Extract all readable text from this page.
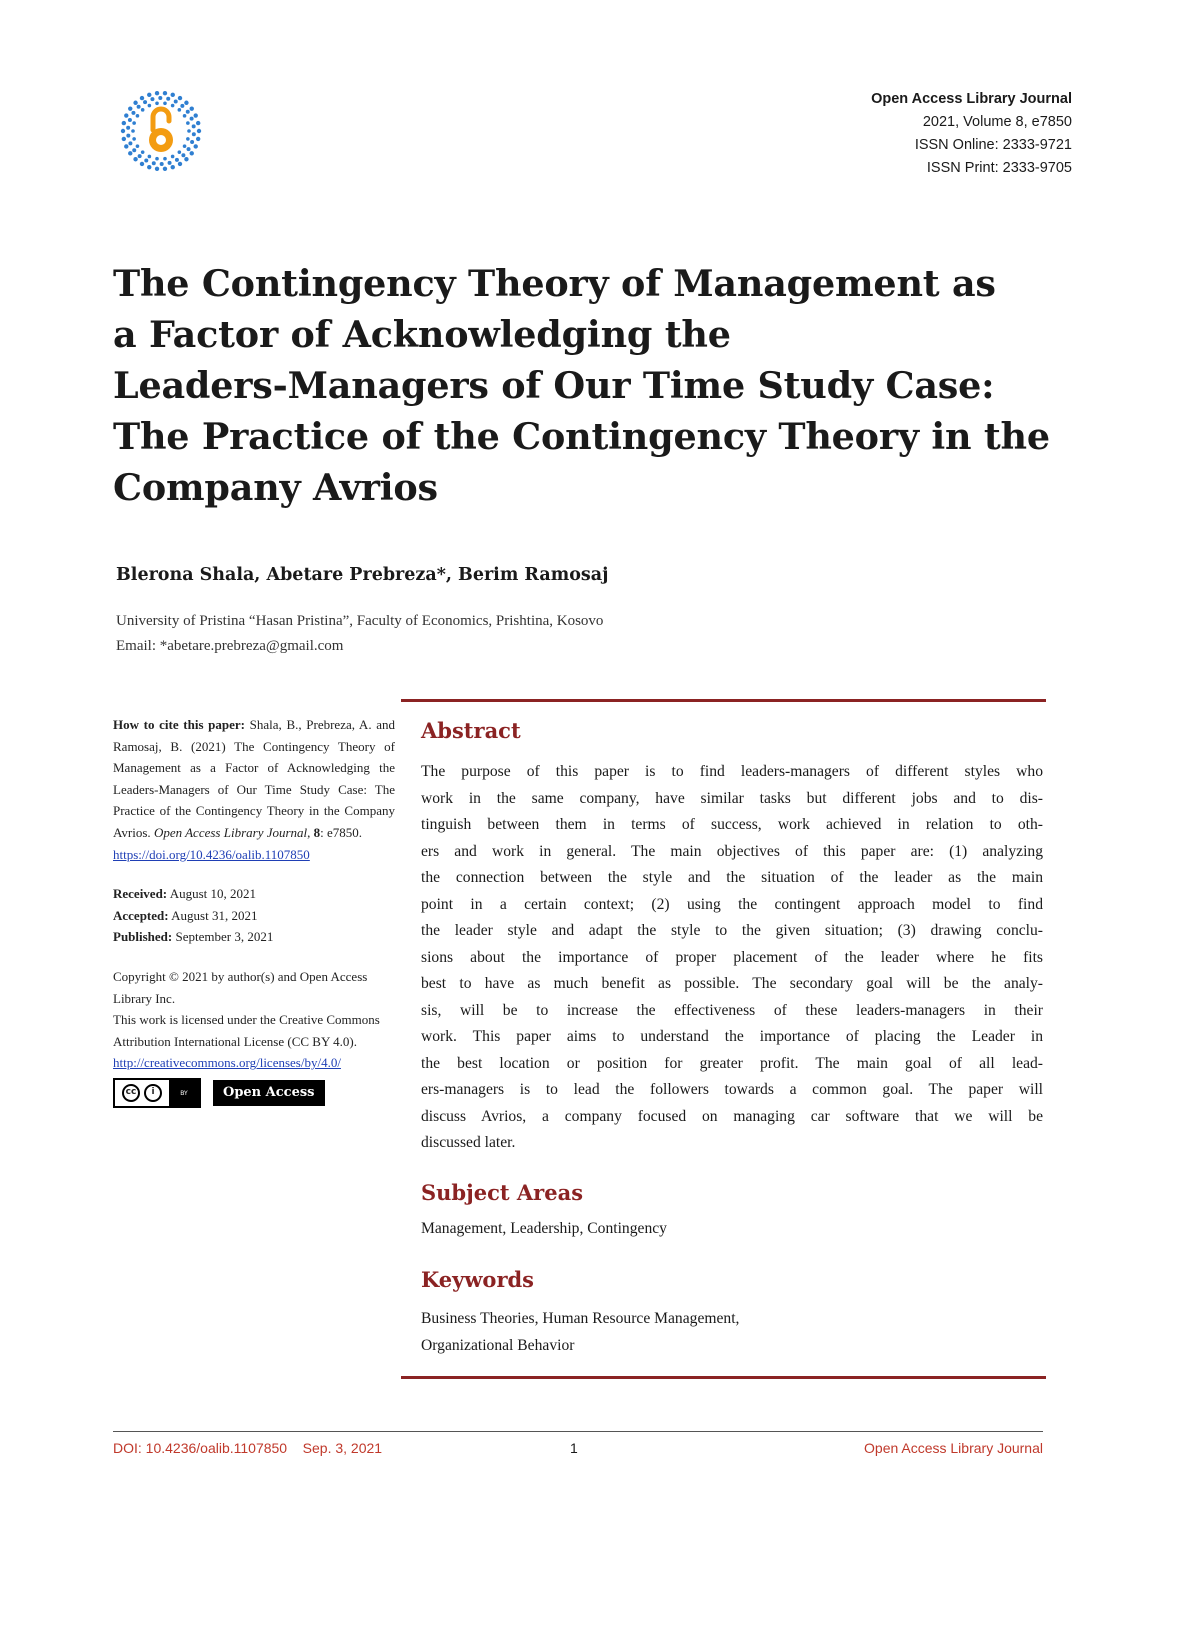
Open Access Library Journal
2021, Volume 8, e7850
ISSN Online: 2333-9721
ISSN Print: 2333-9705
The Contingency Theory of Management as
a Factor of Acknowledging the
Leaders-Managers of Our Time Study Case:
The Practice of the Contingency Theory in the
Company Avrios
Blerona Shala, Abetare Prebreza*, Berim Ramosaj
University of Pristina “Hasan Pristina”, Faculty of Economics, Prishtina, Kosovo
Email: *abetare.prebreza@gmail.com

How to cite this paper: Shala, B., Prebreza, A. and Ramosaj, B. (2021) The Contingency Theory of Management as a Factor of Acknowledging the Leaders-Managers of Our Time Study Case: The Practice of the Contingency Theory in the Company Avrios. Open Access Library Journal, 8: e7850.
https://doi.org/10.4236/oalib.1107850

Received: August 10, 2021
Accepted: August 31, 2021
Published: September 3, 2021

Copyright © 2021 by author(s) and Open Access Library Inc.
This work is licensed under the Creative Commons Attribution International License (CC BY 4.0).
http://creativecommons.org/licenses/by/4.0/

cc	i	BY	Open Access
Abstract
The purpose of this paper is to find leaders-managers of different styles who
work in the same company, have similar tasks but different jobs and to dis-
tinguish between them in terms of success, work achieved in relation to oth-
ers and work in general. The main objectives of this paper are: (1) analyzing
the connection between the style and the situation of the leader as the main
point in a certain context; (2) using the contingent approach model to find
the leader style and adapt the style to the given situation; (3) drawing conclu-
sions about the importance of proper placement of the leader where he fits
best to have as much benefit as possible. The secondary goal will be the analy-
sis, will be to increase the effectiveness of these leaders-managers in their
work. This paper aims to understand the importance of placing the Leader in
the best location or position for greater profit. The main goal of all lead-
ers-managers is to lead the followers towards a common goal. The paper will
discuss Avrios, a company focused on managing car software that we will be
discussed later.
Subject Areas
Management, Leadership, Contingency
Keywords
Business Theories, Human Resource Management,
Organizational Behavior
DOI: 10.4236/oalib.1107850 Sep. 3, 2021	1	Open Access Library Journal
